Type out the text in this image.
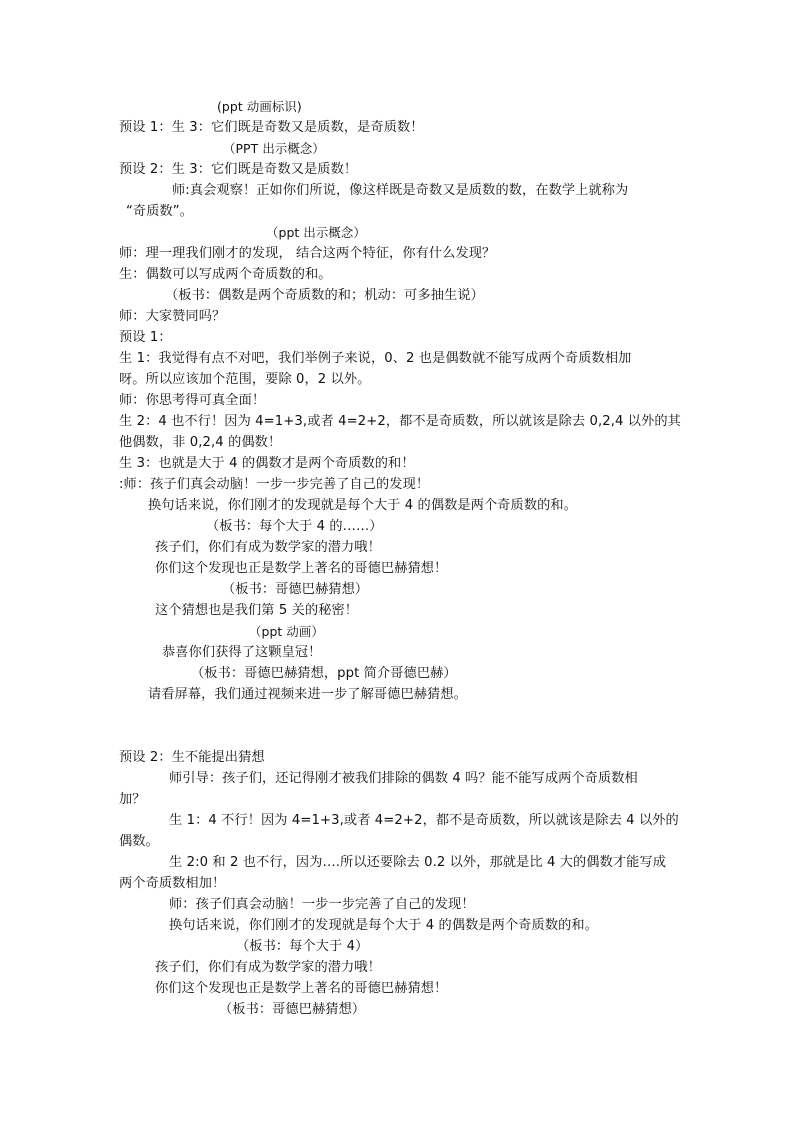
(ppt 动画标识)
预设 1：生 3：它们既是奇数又是质数，是奇质数！
（PPT 出示概念）
预设 2：生 3：它们既是奇数又是质数！
师:真会观察！正如你们所说，像这样既是奇数又是质数的数，在数学上就称为
“奇质数”。
（ppt 出示概念）
师：理一理我们刚才的发现， 结合这两个特征，你有什么发现？
生：偶数可以写成两个奇质数的和。
（板书：偶数是两个奇质数的和；机动：可多抽生说）
师：大家赞同吗？
预设 1：
生 1：我觉得有点不对吧，我们举例子来说，0、2 也是偶数就不能写成两个奇质数相加
呀。所以应该加个范围，要除 0，2 以外。
师：你思考得可真全面！
生 2：4 也不行！因为 4=1+3,或者 4=2+2，都不是奇质数，所以就该是除去 0,2,4 以外的其
他偶数，非 0,2,4 的偶数！
生 3：也就是大于 4 的偶数才是两个奇质数的和！
:师：孩子们真会动脑！一步一步完善了自己的发现！
换句话来说，你们刚才的发现就是每个大于 4 的偶数是两个奇质数的和。
（板书：每个大于 4 的……）
孩子们，你们有成为数学家的潜力哦！
你们这个发现也正是数学上著名的哥德巴赫猜想！
（板书：哥德巴赫猜想）
这个猜想也是我们第 5 关的秘密！
（ppt 动画）
恭喜你们获得了这颗皇冠！
（板书：哥德巴赫猜想，ppt 简介哥德巴赫）
请看屏幕，我们通过视频来进一步了解哥德巴赫猜想。
预设 2：生不能提出猜想
师引导：孩子们，还记得刚才被我们排除的偶数 4 吗？能不能写成两个奇质数相
加？
生 1：4 不行！因为 4=1+3,或者 4=2+2，都不是奇质数，所以就该是除去 4 以外的
偶数。
生 2:0 和 2 也不行，因为….所以还要除去 0.2 以外，那就是比 4 大的偶数才能写成
两个奇质数相加！
师：孩子们真会动脑！一步一步完善了自己的发现！
换句话来说，你们刚才的发现就是每个大于 4 的偶数是两个奇质数的和。
（板书：每个大于 4）
孩子们，你们有成为数学家的潜力哦！
你们这个发现也正是数学上著名的哥德巴赫猜想！
（板书：哥德巴赫猜想）
